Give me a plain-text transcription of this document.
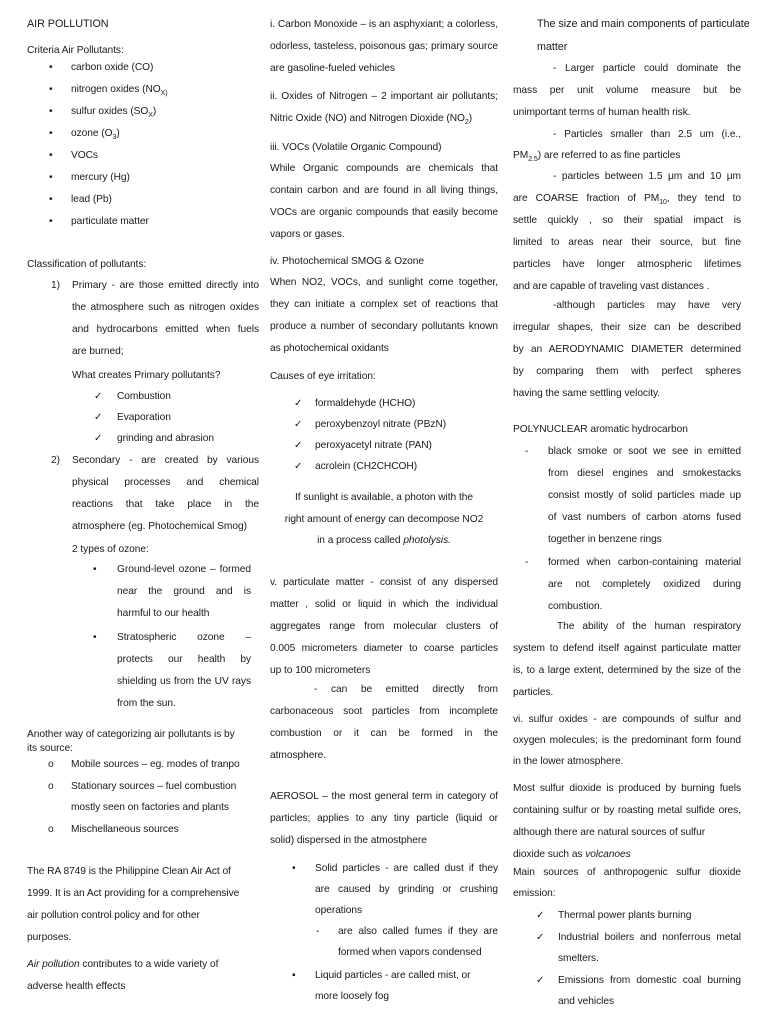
AIR POLLUTION
Criteria Air Pollutants:
• carbon oxide (CO)
• nitrogen oxides ($NO_{X)}$
• sulfur oxides $(SO_X)$
• ozone $(O_3)$
• VOCs
• mercury (Hg)
• lead (Pb)
• particulate matter
Classification of pollutants:
1) Primary - are those emitted directly into
the atmosphere such as nitrogen oxides
and hydrocarbons emitted when fuels
are burned;
What creates Primary pollutants?
✓ Combustion
✓ Evaporation
✓ grinding and abrasion
2) Secondary - are created by various
physical processes and chemical
reactions that take place in the
atmosphere (eg. Photochemical Smog)
2 types of ozone:
• Ground-level ozone – formed
near the ground and is
harmful to our health
• Stratospheric ozone –
protects our health by
shielding us from the UV rays
from the sun.
Another way of categorizing air pollutants is by
its source:
o Mobile sources – eg. modes of tranpo
o Stationary sources – fuel combustion
mostly seen on factories and plants
o Mischellaneous sources
The RA 8749 is the Philippine Clean Air Act of
1999. It is an Act providing for a comprehensive
air pollution control policy and for other
purposes.
Air pollution contributes to a wide variety of
adverse health effects
i. Carbon Monoxide – is an asphyxiant; a colorless,
odorless, tasteless, poisonous gas; primary source
are gasoline-fueled vehicles
ii. Oxides of Nitrogen – 2 important air pollutants;
Nitric Oxide (NO) and Nitrogen Dioxide $(NO_2)$
iii. VOCs (Volatile Organic Compound)
While Organic compounds are chemicals that
contain carbon and are found in all living things,
VOCs are organic compounds that easily become
vapors or gases.
iv. Photochemical SMOG & Ozone
When NO2, VOCs, and sunlight come together,
they can initiate a complex set of reactions that
produce a number of secondary pollutants known
as photochemical oxidants
Causes of eye irritation:
✓ formaldehyde (HCHO)
✓ peroxybenzoyl nitrate (PBzN)
✓ peroxyacetyl nitrate (PAN)
✓ acrolein (CH2CHCOH)
If sunlight is available, a photon with the
right amount of energy can decompose NO2
in a process called photolysis.
v. particulate matter - consist of any dispersed
matter , solid or liquid in which the individual
aggregates range from molecular clusters of
0.005 micrometers diameter to coarse particles
up to 100 micrometers
- can be emitted directly from
carbonaceous soot particles from incomplete
combustion or it can be formed in the
atmosphere.
AEROSOL – the most general term in category of
particles; applies to any tiny particle (liquid or
solid) dispersed in the atmostphere
• Solid particles - are called dust if they
are caused by grinding or crushing
operations
- are also called fumes if they are
formed when vapors condensed
▪ Liquid particles - are called mist, or
more loosely fog
The size and main components of particulate
matter
- Larger particle could dominate the
mass per unit volume measure but be
unimportant terms of human health risk.
- Particles smaller than 2.5 um (i.e.,
$PM_{2.5}$) are referred to as fine particles
- particles between 1.5 μm and 10 μm
are COARSE fraction of $PM_{10}$, they tend to
settle quickly , so their spatial impact is
limited to areas near their source, but fine
particles have longer atmospheric lifetimes
and are capable of traveling vast distances .
-although particles may have very
irregular shapes, their size can be described
by an AERODYNAMIC DIAMETER determined
by comparing them with perfect spheres
having the same settling velocity.
POLYNUCLEAR aromatic hydrocarbon
- black smoke or soot we see in emitted
from diesel engines and smokestacks
consist mostly of solid particles made up
of vast numbers of carbon atoms fused
together in benzene rings
- formed when carbon-containing material
are not completely oxidized during
combustion.
The ability of the human respiratory
system to defend itself against particulate matter
is, to a large extent, determined by the size of the
particles.
vi. sulfur oxides - are compounds of sulfur and
oxygen molecules; is the predominant form found
in the lower atmosphere.
Most sulfur dioxide is produced by burning fuels
containing sulfur or by roasting metal sulfide ores,
although there are natural sources of sulfur
dioxide such as volcanoes
Main sources of anthropogenic sulfur dioxide
emission:
✓ Thermal power plants burning
✓ Industrial boilers and nonferrous metal
smelters.
✓ Emissions from domestic coal burning
and vehicles
